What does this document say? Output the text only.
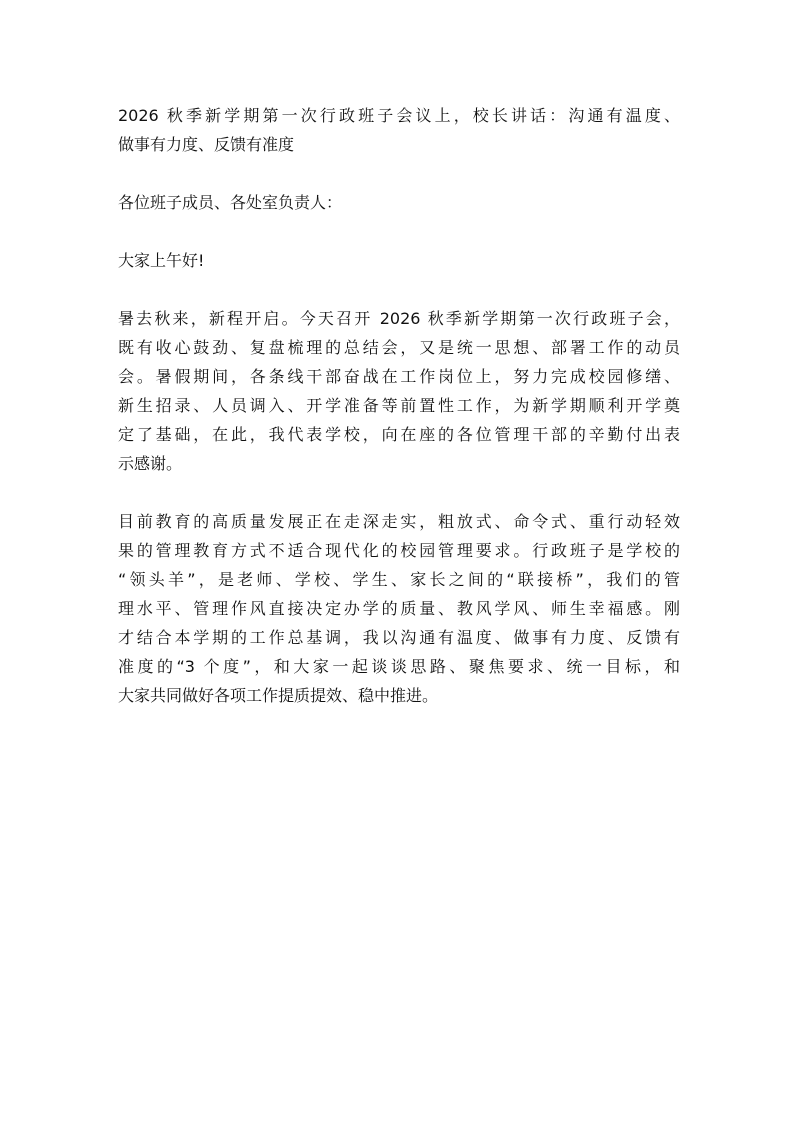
2026 秋季新学期第一次行政班子会议上，校长讲话：沟通有温度、
做事有力度、反馈有准度

各位班子成员、各处室负责人：

大家上午好!

暑去秋来，新程开启。今天召开 2026 秋季新学期第一次行政班子会，
既有收心鼓劲、复盘梳理的总结会，又是统一思想、部署工作的动员
会。暑假期间，各条线干部奋战在工作岗位上，努力完成校园修缮、
新生招录、人员调入、开学准备等前置性工作，为新学期顺利开学奠
定了基础，在此，我代表学校，向在座的各位管理干部的辛勤付出表
示感谢。

目前教育的高质量发展正在走深走实，粗放式、命令式、重行动轻效
果的管理教育方式不适合现代化的校园管理要求。行政班子是学校的
“领头羊”，是老师、学校、学生、家长之间的“联接桥”，我们的管
理水平、管理作风直接决定办学的质量、教风学风、师生幸福感。刚
才结合本学期的工作总基调，我以沟通有温度、做事有力度、反馈有
准度的“3 个度”，和大家一起谈谈思路、聚焦要求、统一目标，和
大家共同做好各项工作提质提效、稳中推进。
